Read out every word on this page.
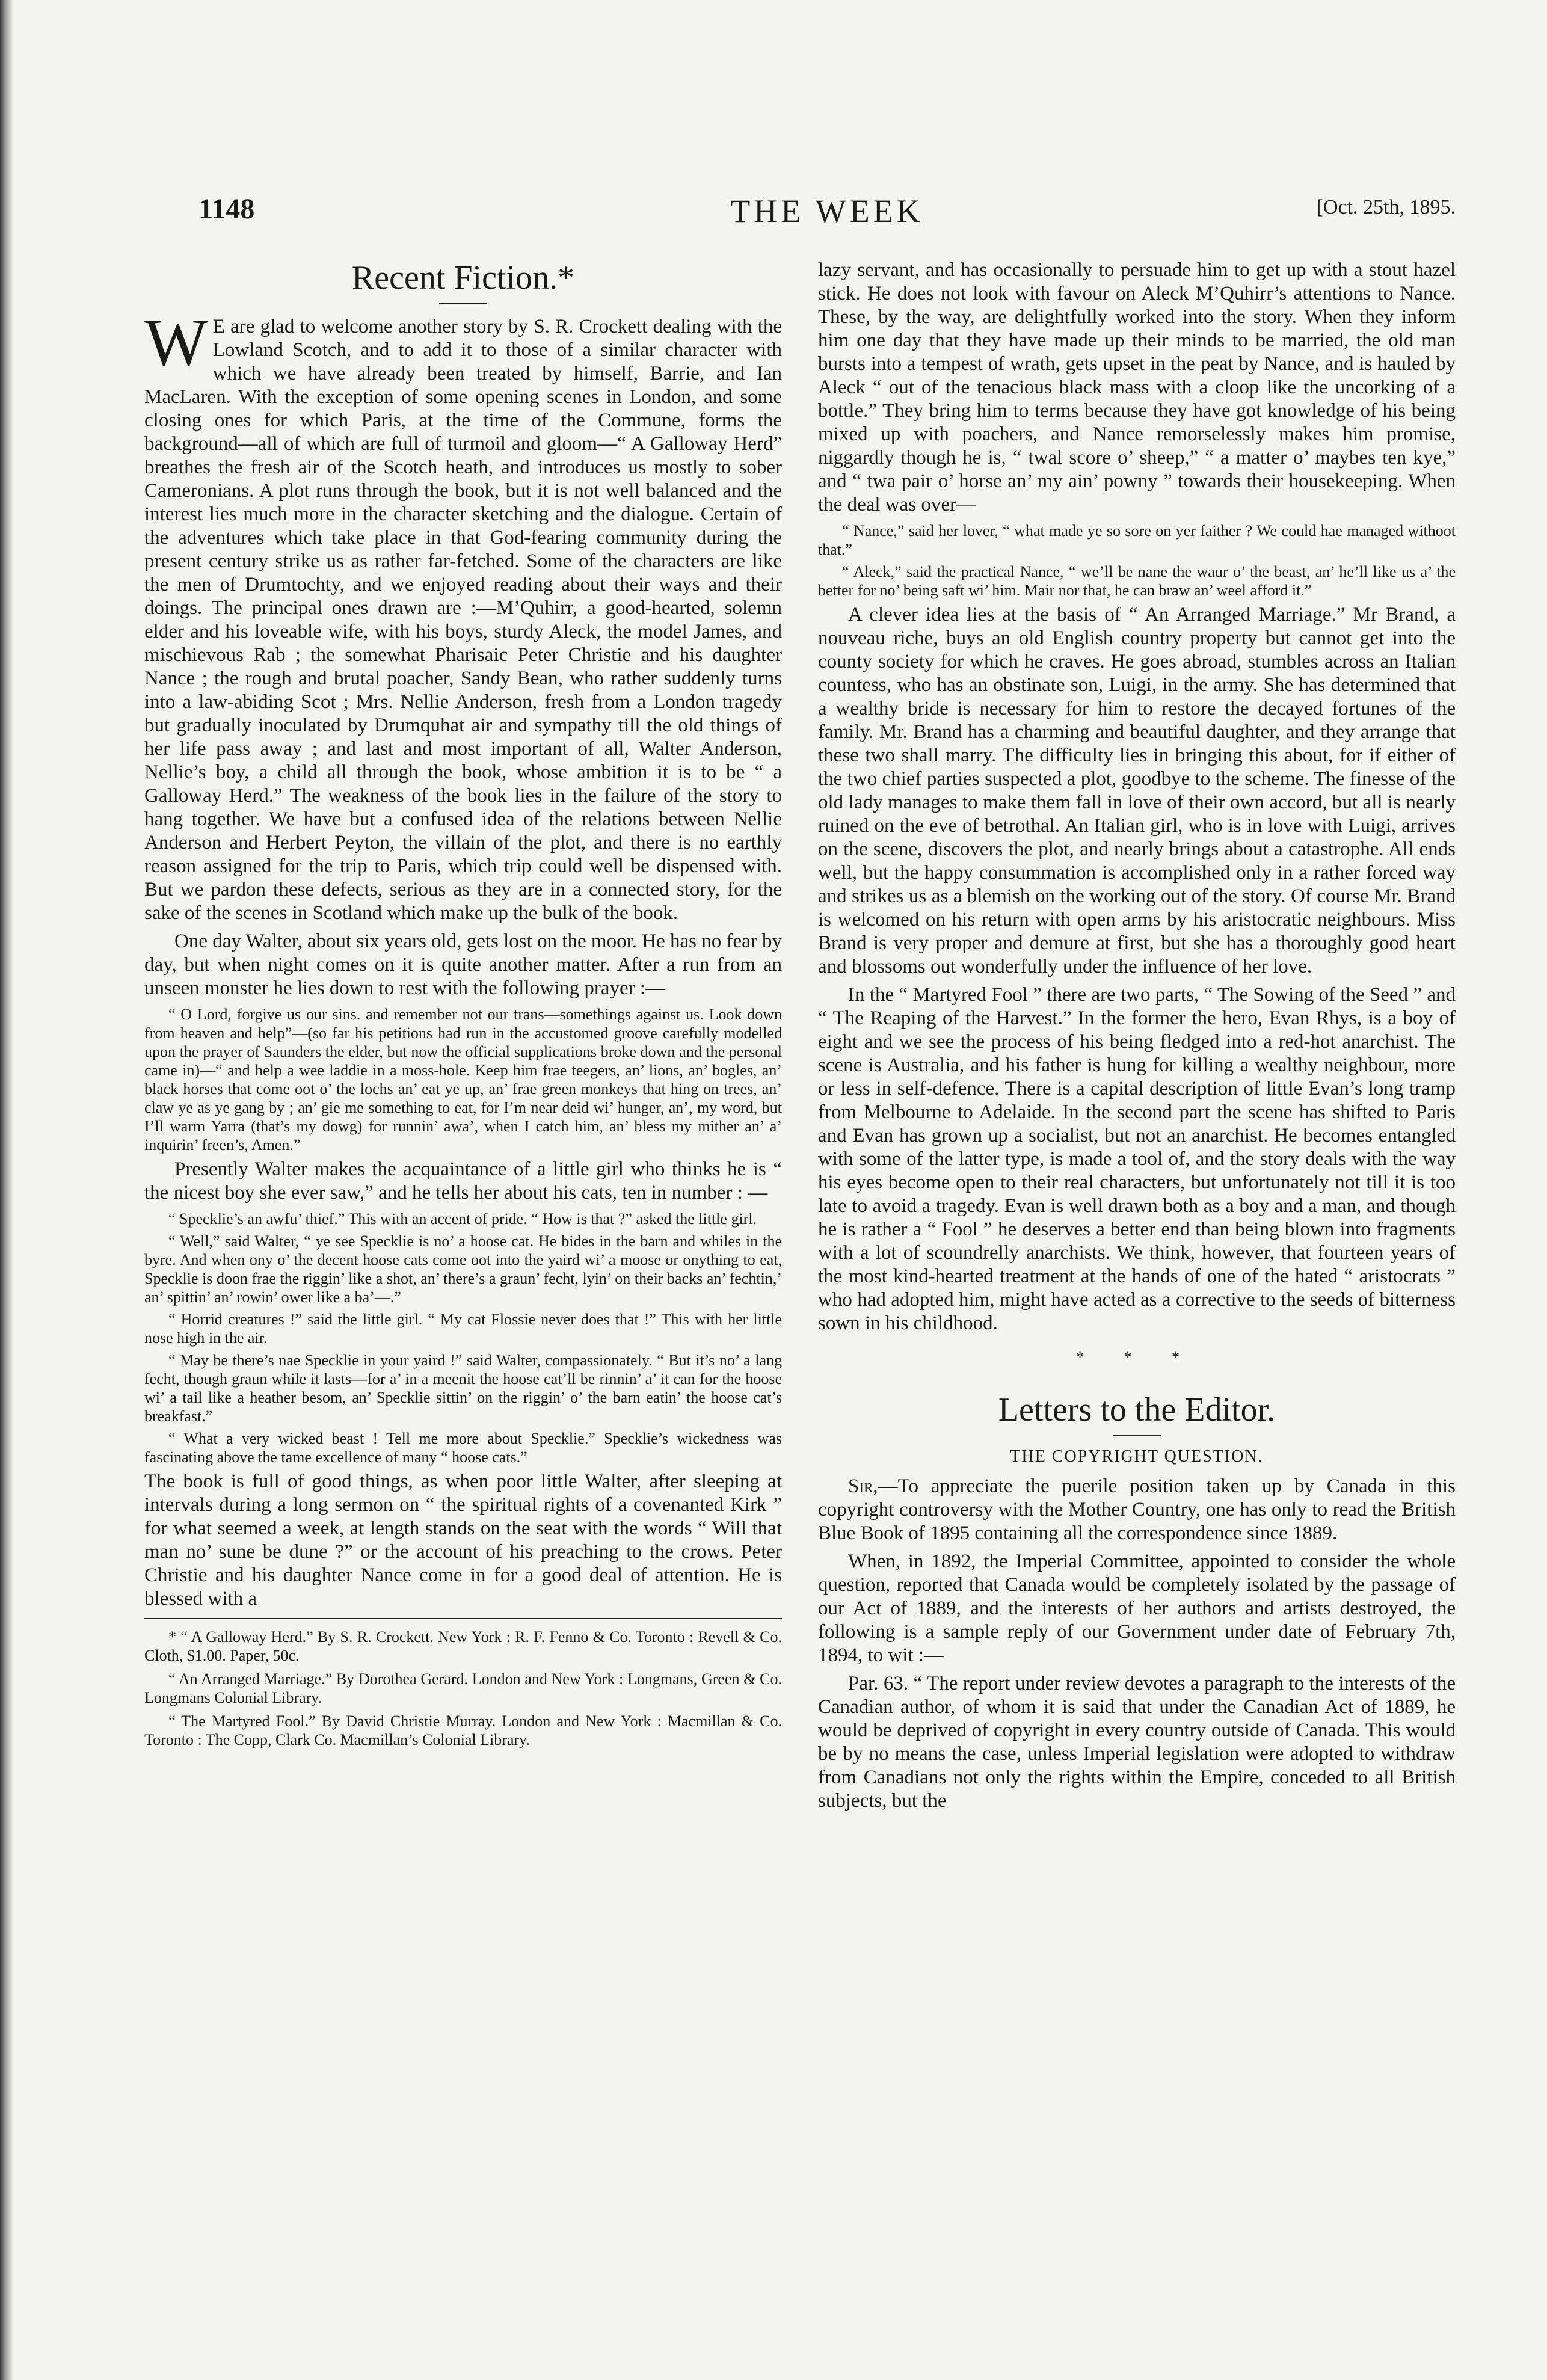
THE WEEK
1148	[Oct. 25th, 1895.
Recent Fiction.*

W E are glad to welcome another story by S. R. Crockett dealing with the Lowland Scotch, and to add it to those of a similar character with which we have already been treated by himself, Barrie, and Ian MacLaren. With the exception of some opening scenes in London, and some closing ones for which Paris, at the time of the Commune, forms the background—all of which are full of turmoil and gloom—“ A Galloway Herd” breathes the fresh air of the Scotch heath, and introduces us mostly to sober Cameronians. A plot runs through the book, but it is not well balanced and the interest lies much more in the character sketching and the dialogue. Certain of the adventures which take place in that God-fearing community during the present century strike us as rather far-fetched. Some of the characters are like the men of Drumtochty, and we enjoyed reading about their ways and their doings. The principal ones drawn are :—M’Quhirr, a good-hearted, solemn elder and his loveable wife, with his boys, sturdy Aleck, the model James, and mischievous Rab ; the somewhat Pharisaic Peter Christie and his daughter Nance ; the rough and brutal poacher, Sandy Bean, who rather suddenly turns into a law-abiding Scot ; Mrs. Nellie Anderson, fresh from a London tragedy but gradually inoculated by Drumquhat air and sympathy till the old things of her life pass away ; and last and most important of all, Walter Anderson, Nellie’s boy, a child all through the book, whose ambition it is to be “ a Galloway Herd.” The weakness of the book lies in the failure of the story to hang together. We have but a confused idea of the relations between Nellie Anderson and Herbert Peyton, the villain of the plot, and there is no earthly reason assigned for the trip to Paris, which trip could well be dispensed with. But we pardon these defects, serious as they are in a connected story, for the sake of the scenes in Scotland which make up the bulk of the book.

One day Walter, about six years old, gets lost on the moor. He has no fear by day, but when night comes on it is quite another matter. After a run from an unseen monster he lies down to rest with the following prayer :—

“ O Lord, forgive us our sins. and remember not our trans—somethings against us. Look down from heaven and help”—(so far his petitions had run in the accustomed groove carefully modelled upon the prayer of Saunders the elder, but now the official supplications broke down and the personal came in)—“ and help a wee laddie in a moss-hole. Keep him frae teegers, an’ lions, an’ bogles, an’ black horses that come oot o’ the lochs an’ eat ye up, an’ frae green monkeys that hing on trees, an’ claw ye as ye gang by ; an’ gie me something to eat, for I’m near deid wi’ hunger, an’, my word, but I’ll warm Yarra (that’s my dowg) for runnin’ awa’, when I catch him, an’ bless my mither an’ a’ inquirin’ freen’s, Amen.”

Presently Walter makes the acquaintance of a little girl who thinks he is “ the nicest boy she ever saw,” and he tells her about his cats, ten in number : —

“ Specklie’s an awfu’ thief.” This with an accent of pride. “ How is that ?” asked the little girl.

“ Well,” said Walter, “ ye see Specklie is no’ a hoose cat. He bides in the barn and whiles in the byre. And when ony o’ the decent hoose cats come oot into the yaird wi’ a moose or onything to eat, Specklie is doon frae the riggin’ like a shot, an’ there’s a graun’ fecht, lyin’ on their backs an’ fechtin,’ an’ spittin’ an’ rowin’ ower like a ba’—.”

“ Horrid creatures !” said the little girl. “ My cat Flossie never does that !” This with her little nose high in the air.

“ May be there’s nae Specklie in your yaird !” said Walter, compassionately. “ But it’s no’ a lang fecht, though graun while it lasts—for a’ in a meenit the hoose cat’ll be rinnin’ a’ it can for the hoose wi’ a tail like a heather besom, an’ Specklie sittin’ on the riggin’ o’ the barn eatin’ the hoose cat’s breakfast.”

“ What a very wicked beast ! Tell me more about Specklie.” Specklie’s wickedness was fascinating above the tame excellence of many “ hoose cats.”

The book is full of good things, as when poor little Walter, after sleeping at intervals during a long sermon on “ the spiritual rights of a covenanted Kirk ” for what seemed a week, at length stands on the seat with the words “ Will that man no’ sune be dune ?” or the account of his preaching to the crows. Peter Christie and his daughter Nance come in for a good deal of attention. He is blessed with a

* “ A Galloway Herd.” By S. R. Crockett. New York : R. F. Fenno & Co. Toronto : Revell & Co. Cloth, $1.00. Paper, 50c.

“ An Arranged Marriage.” By Dorothea Gerard. London and New York : Longmans, Green & Co. Longmans Colonial Library.

“ The Martyred Fool.” By David Christie Murray. London and New York : Macmillan & Co. Toronto : The Copp, Clark Co. Macmillan’s Colonial Library.

lazy servant, and has occasionally to persuade him to get up with a stout hazel stick. He does not look with favour on Aleck M’Quhirr’s attentions to Nance. These, by the way, are delightfully worked into the story. When they inform him one day that they have made up their minds to be married, the old man bursts into a tempest of wrath, gets upset in the peat by Nance, and is hauled by Aleck “ out of the tenacious black mass with a cloop like the uncorking of a bottle.” They bring him to terms because they have got knowledge of his being mixed up with poachers, and Nance remorselessly makes him promise, niggardly though he is, “ twal score o’ sheep,” “ a matter o’ maybes ten kye,” and “ twa pair o’ horse an’ my ain’ powny ” towards their housekeeping. When the deal was over—

“ Nance,” said her lover, “ what made ye so sore on yer faither ? We could hae managed withoot that.”

“ Aleck,” said the practical Nance, “ we’ll be nane the waur o’ the beast, an’ he’ll like us a’ the better for no’ being saft wi’ him. Mair nor that, he can braw an’ weel afford it.”

A clever idea lies at the basis of “ An Arranged Marriage.” Mr Brand, a nouveau riche, buys an old English country property but cannot get into the county society for which he craves. He goes abroad, stumbles across an Italian countess, who has an obstinate son, Luigi, in the army. She has determined that a wealthy bride is necessary for him to restore the decayed fortunes of the family. Mr. Brand has a charming and beautiful daughter, and they arrange that these two shall marry. The difficulty lies in bringing this about, for if either of the two chief parties suspected a plot, goodbye to the scheme. The finesse of the old lady manages to make them fall in love of their own accord, but all is nearly ruined on the eve of betrothal. An Italian girl, who is in love with Luigi, arrives on the scene, discovers the plot, and nearly brings about a catastrophe. All ends well, but the happy consummation is accomplished only in a rather forced way and strikes us as a blemish on the working out of the story. Of course Mr. Brand is welcomed on his return with open arms by his aristocratic neighbours. Miss Brand is very proper and demure at first, but she has a thoroughly good heart and blossoms out wonderfully under the influence of her love.

In the “ Martyred Fool ” there are two parts, “ The Sowing of the Seed ” and “ The Reaping of the Harvest.” In the former the hero, Evan Rhys, is a boy of eight and we see the process of his being fledged into a red-hot anarchist. The scene is Australia, and his father is hung for killing a wealthy neighbour, more or less in self-defence. There is a capital description of little Evan’s long tramp from Melbourne to Adelaide. In the second part the scene has shifted to Paris and Evan has grown up a socialist, but not an anarchist. He becomes entangled with some of the latter type, is made a tool of, and the story deals with the way his eyes become open to their real characters, but unfortunately not till it is too late to avoid a tragedy. Evan is well drawn both as a boy and a man, and though he is rather a “ Fool ” he deserves a better end than being blown into fragments with a lot of scoundrelly anarchists. We think, however, that fourteen years of the most kind-hearted treatment at the hands of one of the hated “ aristocrats ” who had adopted him, might have acted as a corrective to the seeds of bitterness sown in his childhood.

* * *
Letters to the Editor.
THE COPYRIGHT QUESTION.

Sir,—To appreciate the puerile position taken up by Canada in this copyright controversy with the Mother Country, one has only to read the British Blue Book of 1895 containing all the correspondence since 1889.

When, in 1892, the Imperial Committee, appointed to consider the whole question, reported that Canada would be completely isolated by the passage of our Act of 1889, and the interests of her authors and artists destroyed, the following is a sample reply of our Government under date of February 7th, 1894, to wit :—

Par. 63. “ The report under review devotes a paragraph to the interests of the Canadian author, of whom it is said that under the Canadian Act of 1889, he would be deprived of copyright in every country outside of Canada. This would be by no means the case, unless Imperial legislation were adopted to withdraw from Canadians not only the rights within the Empire, conceded to all British subjects, but the
